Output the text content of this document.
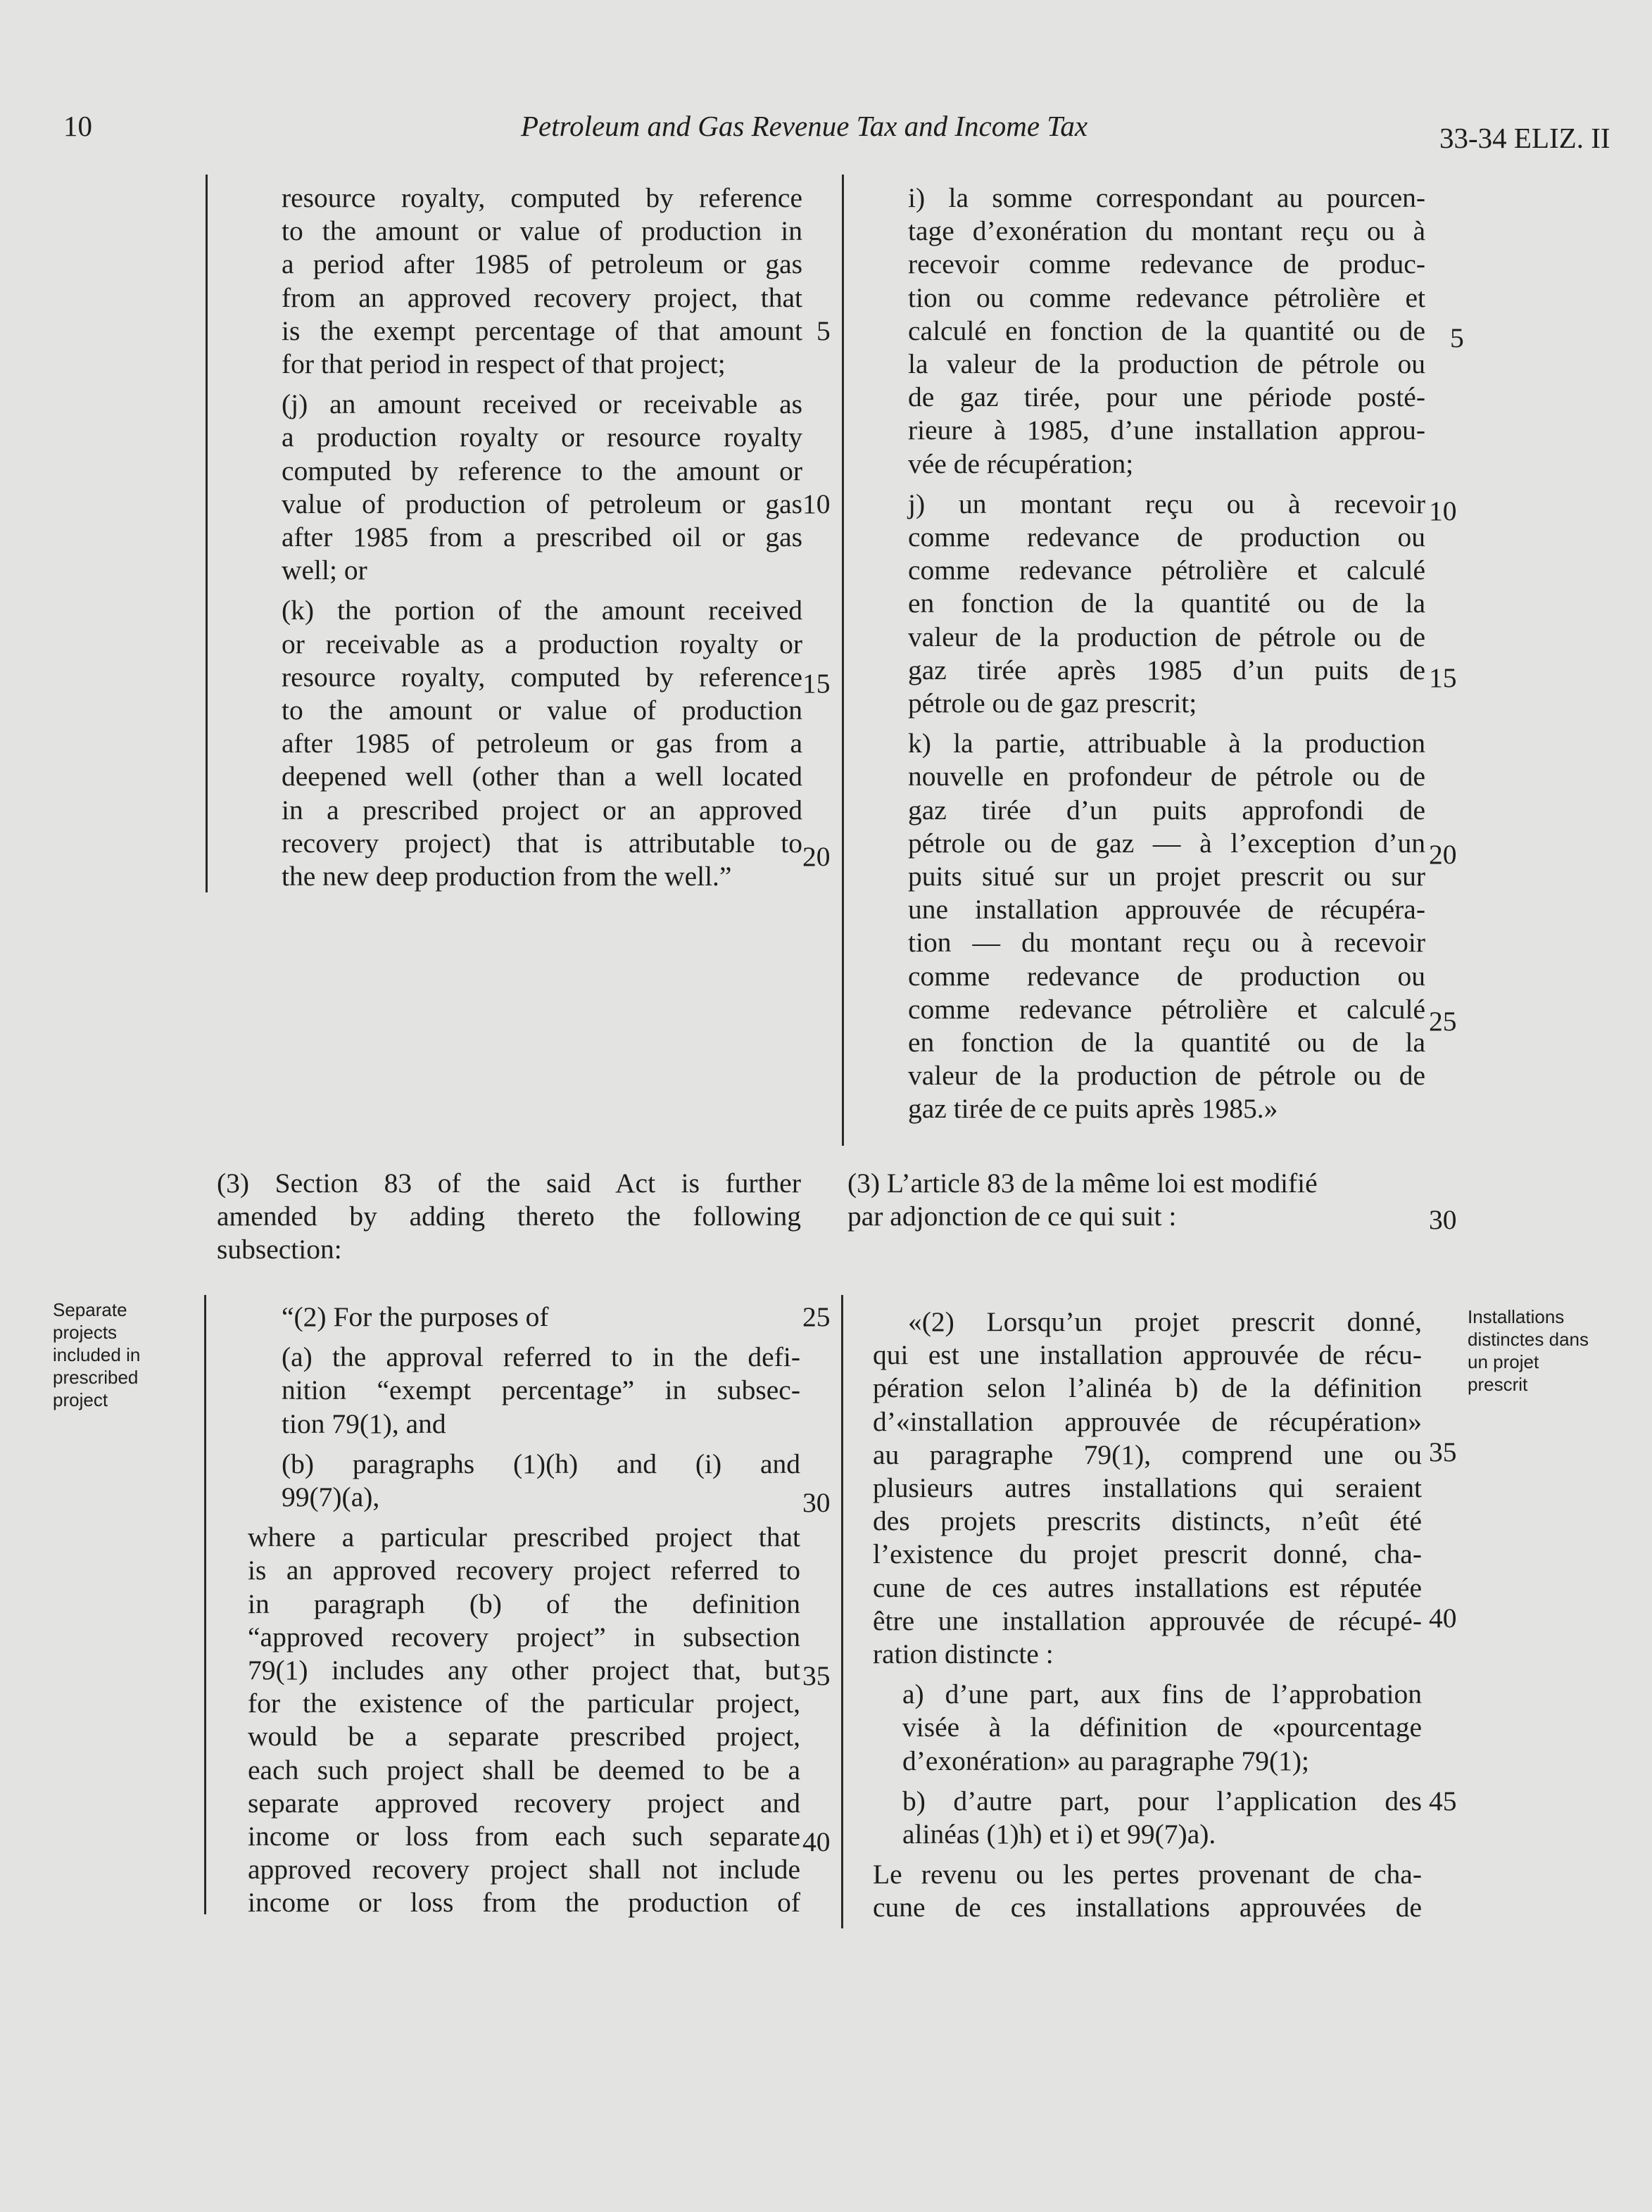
10	Petroleum and Gas Revenue Tax and Income Tax	33-34 ELIZ. II

resource royalty, computed by reference
to the amount or value of production in
a period after 1985 of petroleum or gas
from an approved recovery project, that
is the exempt percentage of that amount
for that period in respect of that project;

(j) an amount received or receivable as
a production royalty or resource royalty
computed by reference to the amount or
value of production of petroleum or gas
after 1985 from a prescribed oil or gas
well; or

(k) the portion of the amount received
or receivable as a production royalty or
resource royalty, computed by reference
to the amount or value of production
after 1985 of petroleum or gas from a
deepened well (other than a well located
in a prescribed project or an approved
recovery project) that is attributable to
the new deep production from the well.”

5
10
15
20

i) la somme correspondant au pourcen-
tage d’exonération du montant reçu ou à
recevoir comme redevance de produc-
tion ou comme redevance pétrolière et
calculé en fonction de la quantité ou de
la valeur de la production de pétrole ou
de gaz tirée, pour une période posté-
rieure à 1985, d’une installation approu-
vée de récupération;

j) un montant reçu ou à recevoir
comme redevance de production ou
comme redevance pétrolière et calculé
en fonction de la quantité ou de la
valeur de la production de pétrole ou de
gaz tirée après 1985 d’un puits de
pétrole ou de gaz prescrit;

k) la partie, attribuable à la production
nouvelle en profondeur de pétrole ou de
gaz tirée d’un puits approfondi de
pétrole ou de gaz — à l’exception d’un
puits situé sur un projet prescrit ou sur
une installation approuvée de récupéra-
tion — du montant reçu ou à recevoir
comme redevance de production ou
comme redevance pétrolière et calculé
en fonction de la quantité ou de la
valeur de la production de pétrole ou de
gaz tirée de ce puits après 1985.»

5
10
15
20
25
(3) Section 83 of the said Act is further
amended by adding thereto the following
subsection:
(3) L’article 83 de la même loi est modifié
par adjonction de ce qui suit :	30
Separate
projects
included in
prescribed
project
Installations
distinctes dans
un projet
prescrit

“(2) For the purposes of

(a) the approval referred to in the defi-
nition “exempt percentage” in subsec-
tion 79(1), and

(b) paragraphs (1)(h) and (i) and
99(7)(a),

where a particular prescribed project that
is an approved recovery project referred to
in paragraph (b) of the definition
“approved recovery project” in subsection
79(1) includes any other project that, but
for the existence of the particular project,
would be a separate prescribed project,
each such project shall be deemed to be a
separate approved recovery project and
income or loss from each such separate
approved recovery project shall not include
income or loss from the production of

25
30
35
40

«(2) Lorsqu’un projet prescrit donné,
qui est une installation approuvée de récu-
pération selon l’alinéa b) de la définition
d’«installation approuvée de récupération»
au paragraphe 79(1), comprend une ou
plusieurs autres installations qui seraient
des projets prescrits distincts, n’eût été
l’existence du projet prescrit donné, cha-
cune de ces autres installations est réputée
être une installation approuvée de récupé-
ration distincte :

a) d’une part, aux fins de l’approbation
visée à la définition de «pourcentage
d’exonération» au paragraphe 79(1);

b) d’autre part, pour l’application des
alinéas (1)h) et i) et 99(7)a).

Le revenu ou les pertes provenant de cha-
cune de ces installations approuvées de

35
40
45
